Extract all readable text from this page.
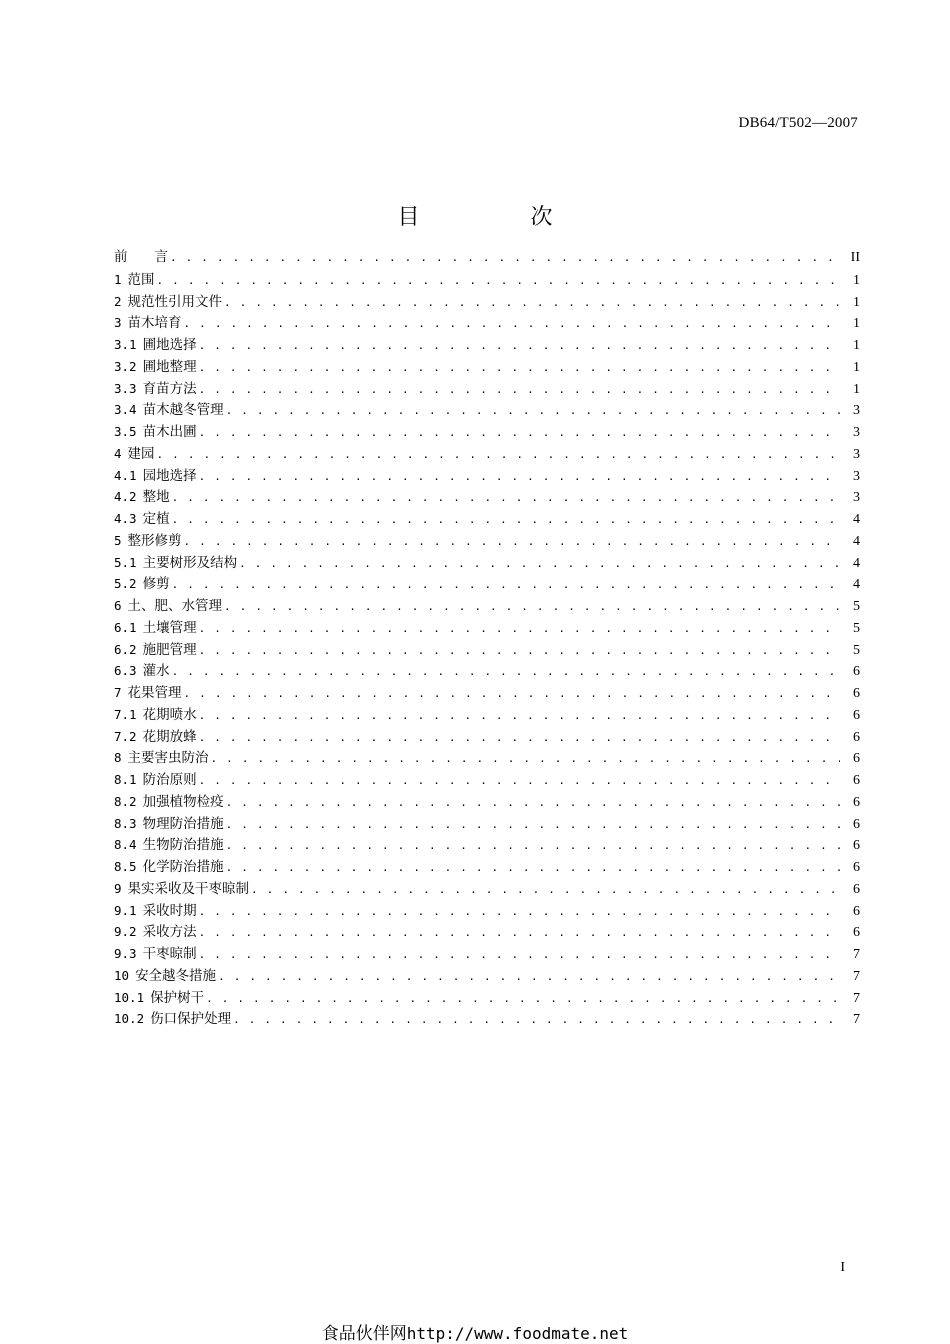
DB64/T502—2007
目 次
前　　言 . . .	II
1 范围 . . .	1
2 规范性引用文件 . . .	1
3 苗木培育 . . .	1
3.1 圃地选择 . . .	1
3.2 圃地整理 . . .	1
3.3 育苗方法 . . .	1
3.4 苗木越冬管理 . . .	3
3.5 苗木出圃 . . .	3
4 建园 . . .	3
4.1 园地选择 . . .	3
4.2 整地 . . .	3
4.3 定植 . . .	4
5 整形修剪 . . .	4
5.1 主要树形及结构 . . .	4
5.2 修剪 . . .	4
6 土、肥、水管理 . . .	5
6.1 土壤管理 . . .	5
6.2 施肥管理 . . .	5
6.3 灌水 . . .	6
7 花果管理 . . .	6
7.1 花期喷水 . . .	6
7.2 花期放蜂 . . .	6
8 主要害虫防治 . . .	6
8.1 防治原则 . . .	6
8.2 加强植物检疫 . . .	6
8.3 物理防治措施 . . .	6
8.4 生物防治措施 . . .	6
8.5 化学防治措施 . . .	6
9 果实采收及干枣晾制 . . .	6
9.1 采收时期 . . .	6
9.2 采收方法 . . .	6
9.3 干枣晾制 . . .	7
10 安全越冬措施 . . .	7
10.1 保护树干 . . .	7
10.2 伤口保护处理 . . .	7
I
食品伙伴网http://www.foodmate.net
